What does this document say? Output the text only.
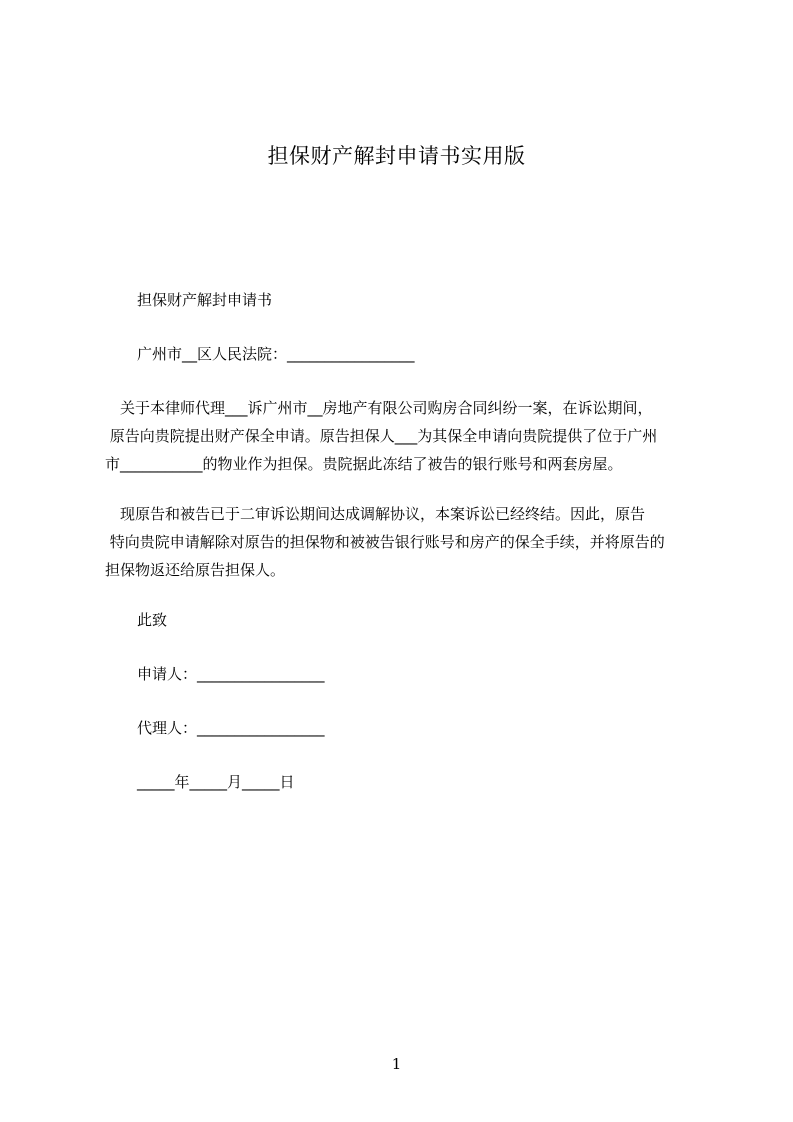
担保财产解封申请书实用版
担保财产解封申请书
广州市__区人民法院：_________________
　关于本律师代理___诉广州市__房地产有限公司购房合同纠纷一案，在诉讼期间，
原告向贵院提出财产保全申请。原告担保人___为其保全申请向贵院提供了位于广州
市___________的物业作为担保。贵院据此冻结了被告的银行账号和两套房屋。
　现原告和被告已于二审诉讼期间达成调解协议，本案诉讼已经终结。因此，原告
特向贵院申请解除对原告的担保物和被被告银行账号和房产的保全手续，并将原告的
担保物返还给原告担保人。
此致
申请人：_________________
代理人：_________________
_____年_____月_____日
1
